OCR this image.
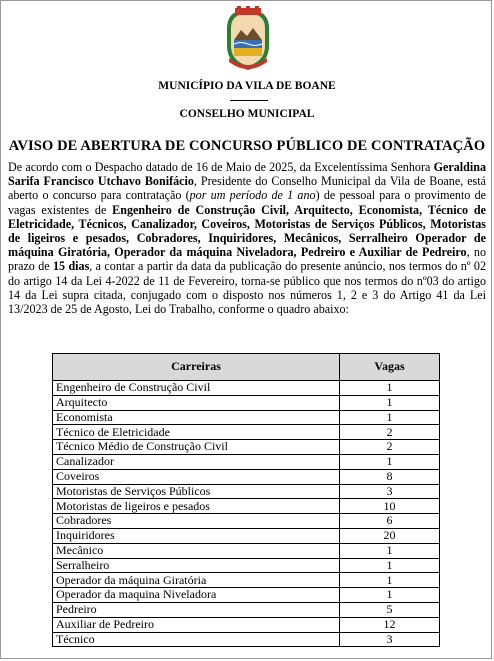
MUNICÍPIO DA VILA DE BOANE
CONSELHO MUNICIPAL
AVISO DE ABERTURA DE CONCURSO PÚBLICO DE CONTRATAÇÃO
De acordo com o Despacho datado de 16 de Maio de 2025, da Excelentíssima Senhora Geraldina Sarifa Francisco Utchavo Bonifácio, Presidente do Conselho Municipal da Vila de Boane, está aberto o concurso para contratação (por um período de 1 ano) de pessoal para o provimento de vagas existentes de Engenheiro de Construção Civil, Arquitecto, Economista, Técnico de Eletricidade, Técnicos, Canalizador, Coveiros, Motoristas de Serviços Públicos, Motoristas de ligeiros e pesados, Cobradores, Inquiridores, Mecânicos, Serralheiro Operador de máquina Giratória, Operador da máquina Niveladora, Pedreiro e Auxiliar de Pedreiro, no prazo de 15 dias, a contar a partir da data da publicação do presente anúncio, nos termos do nº 02 do artigo 14 da Lei 4-2022 de 11 de Fevereiro, torna-se público que nos termos do nº03 do artigo 14 da Lei supra citada, conjugado com o disposto nos números 1, 2 e 3 do Artigo 41 da Lei 13/2023 de 25 de Agosto, Lei do Trabalho, conforme o quadro abaixo:
Carreiras	Vagas
Engenheiro de Construção Civil	1
Arquitecto	1
Economista	1
Técnico de Eletricidade	2
Técnico Médio de Construção Civil	2
Canalizador	1
Coveiros	8
Motoristas de Serviços Públicos	3
Motoristas de ligeiros e pesados	10
Cobradores	6
Inquiridores	20
Mecânico	1
Serralheiro	1
Operador da máquina Giratória	1
Operador da maquina Niveladora	1
Pedreiro	5
Auxiliar de Pedreiro	12
Técnico	3
